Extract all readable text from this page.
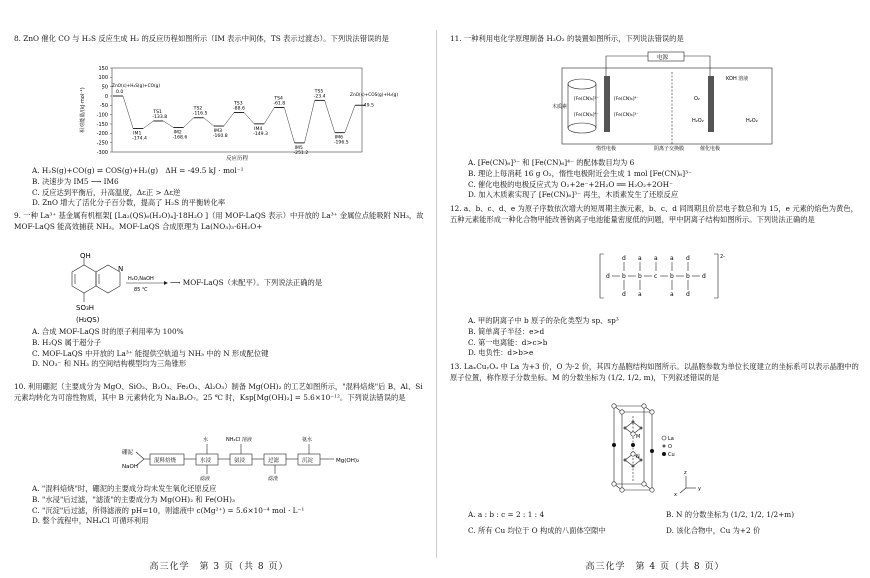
8. ZnO 催化 CO 与 H₂S 反应生成 H₂ 的反应历程如图所示（IM 表示中间体，TS 表示过渡态）。下列说法错误的是
150
100
50
0
-50
-100
-150
-200
-250
-300
相对能量/(kJ·mol⁻¹)
反应历程
ZnO(s)+H₂S(g)+CO(g)
0.0
IM1
-174.4
TS1
-133.8
IM2
-168.6
TS2
-116.5
IM3
-160.8
TS3
-88.6
IM4
-149.3
TS4
-61.8
IM5
-251.2
TS5
-23.4
IM6
-196.5
ZnO(s)+COS(g)+H₂(g)
-49.5
A. H₂S(g)+CO(g) ⇌ COS(g)+H₂(g)　ΔH = -49.5 kJ · mol⁻¹
B. 决速步为 IM5 ⟶ IM6
C. 反应达到平衡后，升高温度，Δε正 > Δε逆
D. ZnO 增大了活化分子百分数，提高了 H₂S 的平衡转化率
9. 一种 La³⁺ 基金属有机框架[ [La₂(QS)₆(H₂O)₄]·18H₂O ]（用 MOF-LaQS 表示）中开放的 La³⁺ 金属位点能吸附 NH₃，故 MOF-LaQS 能高效捕获 NH₃。MOF-LaQS 合成原理为 La(NO₃)₃·6H₂O+
OH
N
SO₃H
(H₂QS)
H₂O,NaOH
85 ℃
⟶ MOF-LaQS（未配平）。下列说法正确的是
A. 合成 MOF-LaQS 时的原子利用率为 100%
B. H₂QS 属于超分子
C. MOF-LaQS 中开放的 La³⁺ 能提供空轨道与 NH₃ 中的 N 形成配位键
D. NO₃⁻ 和 NH₃ 的空间结构模型均为三角锥形
10. 利用硼泥（主要成分为 MgO、SiO₂、B₂O₃、Fe₂O₃、Al₂O₃）制备 Mg(OH)₂ 的工艺如图所示，"混料焙烧"后 B、Al、Si 元素均转化为可溶性物质，其中 B 元素转化为 Na₂B₄O₇。25 ℃ 时，Ksp[Mg(OH)₂] = 5.6×10⁻¹²。下列说法错误的是
硼泥
NaOH
混料焙烧	水浸	氨浸	过滤	沉淀	Mg(OH)₂
水	NH₄Cl 溶液	氨水
滤液	滤渣
A. "混料焙烧"时，硼泥的主要成分均未发生氧化还原反应
B. "水浸"后过滤，"滤渣"的主要成分为 Mg(OH)₂ 和 Fe(OH)₃
C. "沉淀"后过滤，所得滤液的 pH=10，则滤液中 c(Mg²⁺) = 5.6×10⁻⁴ mol · L⁻¹
D. 整个流程中，NH₄Cl 可循环利用
高三化学　第 3 页（共 8 页）
11. 一种利用电化学原理制备 H₂O₂ 的装置如图所示，下列说法错误的是
电源
木质素
KOH 溶液
[Fe(CN)₆]³⁻
[Fe(CN)₆]⁴⁻
[Fe(CN)₆]⁴⁻
[Fe(CN)₆]³⁻
O₂
H₂O₂	H₂O₂
惰性电极	阴离子交换膜	催化电极
A. [Fe(CN)₆]³⁻ 和 [Fe(CN)₆]⁴⁻ 的配体数目均为 6
B. 理论上每消耗 16 g O₂，惰性电极附近会生成 1 mol [Fe(CN)₆]³⁻
C. 催化电极的电极反应式为 O₂+2e⁻+2H₂O ══ H₂O₂+2OH⁻
D. 加入木质素实现了 [Fe(CN)₆]³⁻ 再生，木质素发生了还原反应
12. a、b、c、d、e 为原子序数依次增大的短周期主族元素，b、c、d 同周期且价层电子数总和为 15，e 元素的焰色为黄色，五种元素能形成一种化合物甲能改善钠离子电池能量密度低的问题，甲中阴离子结构如图所示。下列说法正确的是
2-
d a a a d
d b b c b b d
d a	a d
A. 甲的阴离子中 b 原子的杂化类型为 sp、sp³
B. 简单离子半径：e>d
C. 第一电离能：d>c>b
D. 电负性：d>b>e
13. LaₓCuᵧOᵤ 中 La 为+3 价，O 为-2 价，其四方晶胞结构如图所示。以晶胞参数为单位长度建立的坐标系可以表示晶胞中的原子位置，称作原子分数坐标。M 的分数坐标为 (1/2, 1/2, m)，下列叙述错误的是
M
N
La
O
Cu
z
y
x
A. a : b : c = 2 : 1 : 4	B. N 的分数坐标为 (1/2, 1/2, 1/2+m)
C. 所有 Cu 均位于 O 构成的八面体空隙中	D. 该化合物中，Cu 为+2 价
高三化学　第 4 页（共 8 页）
